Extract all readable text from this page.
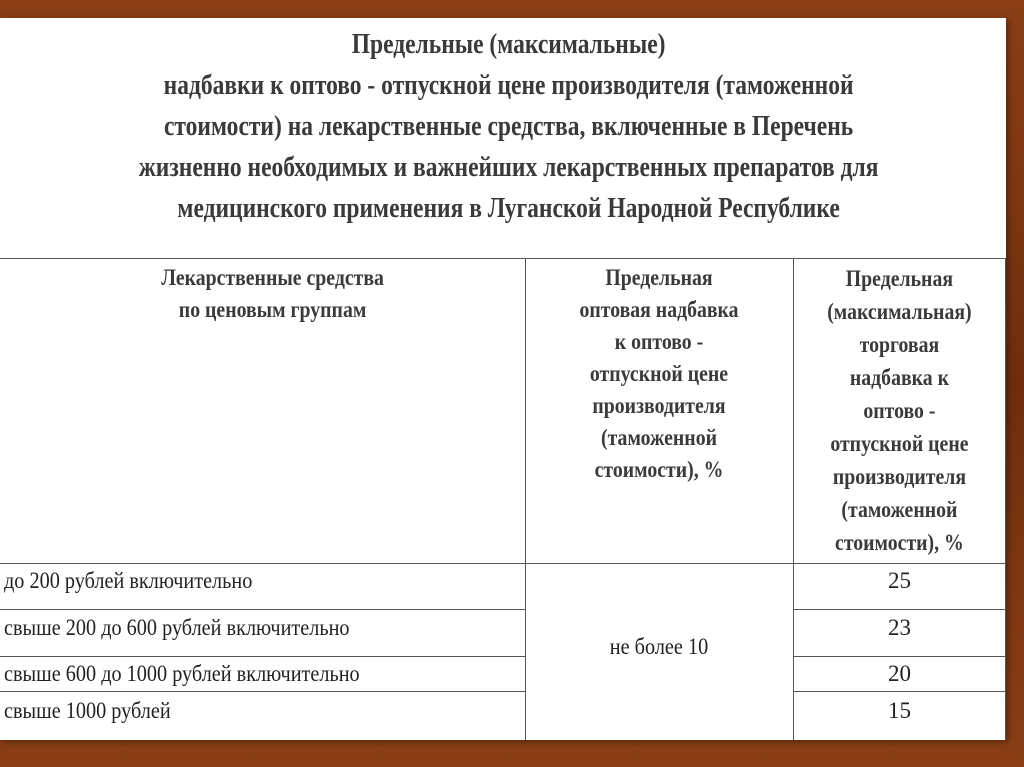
Предельные (максимальные)
надбавки к оптово - отпускной цене производителя (таможенной
стоимости) на лекарственные средства, включенные в Перечень
жизненно необходимых и важнейших лекарственных препаратов для
медицинского применения в Луганской Народной Республике
Лекарственные средства
по ценовым группам
Предельная
оптовая надбавка
к оптово -
отпускной цене
производителя
(таможенной
стоимости), %
Предельная
(максимальная)
торговая
надбавка к
оптово -
отпускной цене
производителя
(таможенной
стоимости), %
до 200 рублей включительно
свыше 200 до 600 рублей включительно
свыше 600 до 1000 рублей включительно
свыше 1000 рублей
не более 10
25
23
20
15
